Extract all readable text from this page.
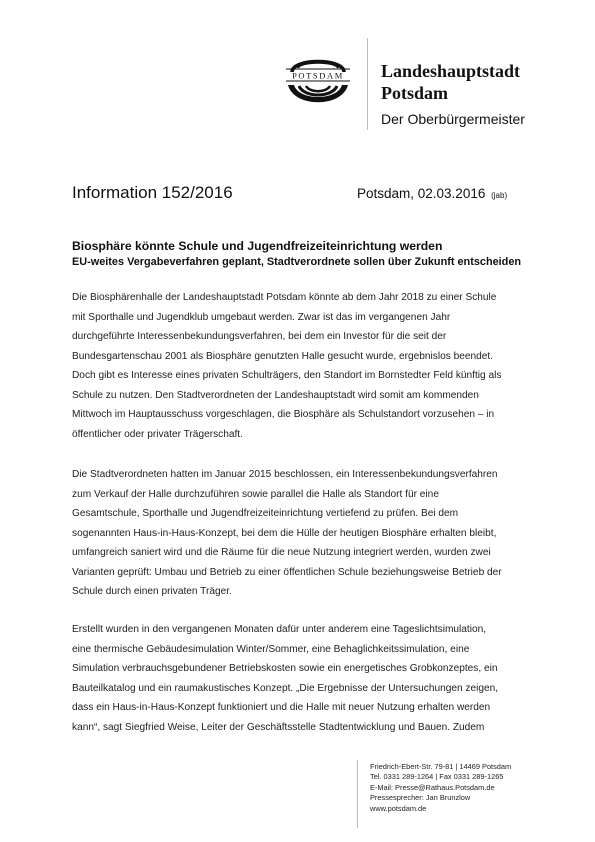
POTSDAM Landeshauptstadt
Potsdam
Der Oberbürgermeister
Information 152/2016	Potsdam, 02.03.2016 (jab)
Biosphäre könnte Schule und Jugendfreizeiteinrichtung werden
EU-weites Vergabeverfahren geplant, Stadtverordnete sollen über Zukunft entscheiden
Die Biosphärenhalle der Landeshauptstadt Potsdam könnte ab dem Jahr 2018 zu einer Schule
mit Sporthalle und Jugendklub umgebaut werden. Zwar ist das im vergangenen Jahr
durchgeführte Interessenbekundungsverfahren, bei dem ein Investor für die seit der
Bundesgartenschau 2001 als Biosphäre genutzten Halle gesucht wurde, ergebnislos beendet.
Doch gibt es Interesse eines privaten Schulträgers, den Standort im Bornstedter Feld künftig als
Schule zu nutzen. Den Stadtverordneten der Landeshauptstadt wird somit am kommenden
Mittwoch im Hauptausschuss vorgeschlagen, die Biosphäre als Schulstandort vorzusehen – in
öffentlicher oder privater Trägerschaft.
Die Stadtverordneten hatten im Januar 2015 beschlossen, ein Interessenbekundungsverfahren
zum Verkauf der Halle durchzuführen sowie parallel die Halle als Standort für eine
Gesamtschule, Sporthalle und Jugendfreizeiteinrichtung vertiefend zu prüfen. Bei dem
sogenannten Haus-in-Haus-Konzept, bei dem die Hülle der heutigen Biosphäre erhalten bleibt,
umfangreich saniert wird und die Räume für die neue Nutzung integriert werden, wurden zwei
Varianten geprüft: Umbau und Betrieb zu einer öffentlichen Schule beziehungsweise Betrieb der
Schule durch einen privaten Träger.
Erstellt wurden in den vergangenen Monaten dafür unter anderem eine Tageslichtsimulation,
eine thermische Gebäudesimulation Winter/Sommer, eine Behaglichkeitssimulation, eine
Simulation verbrauchsgebundener Betriebskosten sowie ein energetisches Grobkonzeptes, ein
Bauteilkatalog und ein raumakustisches Konzept. „Die Ergebnisse der Untersuchungen zeigen,
dass ein Haus-in-Haus-Konzept funktioniert und die Halle mit neuer Nutzung erhalten werden
kann“, sagt Siegfried Weise, Leiter der Geschäftsstelle Stadtentwicklung und Bauen. Zudem
Friedrich-Ebert-Str. 79-81 | 14469 Potsdam
Tel. 0331 289-1264 | Fax 0331 289-1265
E-Mail: Presse@Rathaus.Potsdam.de
Pressesprecher: Jan Brunzlow
www.potsdam.de
